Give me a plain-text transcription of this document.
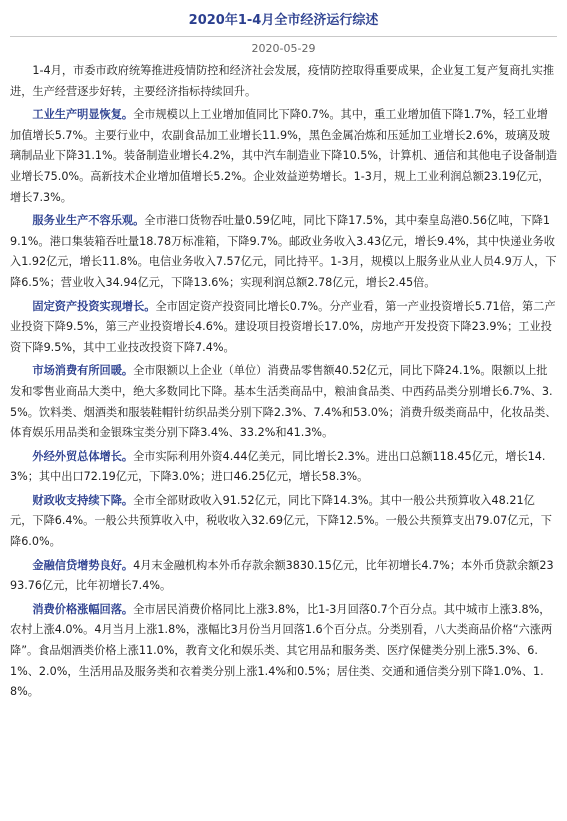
2020年1-4月全市经济运行综述
2020-05-29

1-4月，市委市政府统筹推进疫情防控和经济社会发展，疫情防控取得重要成果，企业复工复产复商扎实推进，生产经营逐步好转，主要经济指标持续回升。

工业生产明显恢复。全市规模以上工业增加值同比下降0.7%。其中，重工业增加值下降1.7%，轻工业增加值增长5.7%。主要行业中，农副食品加工业增长11.9%，黑色金属冶炼和压延加工业增长2.6%，玻璃及玻璃制品业下降31.1%。装备制造业增长4.2%，其中汽车制造业下降10.5%，计算机、通信和其他电子设备制造业增长75.0%。高新技术企业增加值增长5.2%。企业效益逆势增长。1-3月，规上工业利润总额23.19亿元，增长7.3%。

服务业生产不容乐观。全市港口货物吞吐量0.59亿吨，同比下降17.5%，其中秦皇岛港0.56亿吨，下降19.1%。港口集装箱吞吐量18.78万标准箱，下降9.7%。邮政业务收入3.43亿元，增长9.4%，其中快递业务收入1.92亿元，增长11.8%。电信业务收入7.57亿元，同比持平。1-3月，规模以上服务业从业人员4.9万人，下降6.5%；营业收入34.94亿元，下降13.6%；实现利润总额2.78亿元，增长2.45倍。

固定资产投资实现增长。全市固定资产投资同比增长0.7%。分产业看，第一产业投资增长5.71倍，第二产业投资下降9.5%，第三产业投资增长4.6%。建设项目投资增长17.0%，房地产开发投资下降23.9%；工业投资下降9.5%，其中工业技改投资下降7.4%。

市场消费有所回暖。全市限额以上企业（单位）消费品零售额40.52亿元，同比下降24.1%。限额以上批发和零售业商品大类中，绝大多数同比下降。基本生活类商品中，粮油食品类、中西药品类分别增长6.7%、3.5%。饮料类、烟酒类和服装鞋帽针纺织品类分别下降2.3%、7.4%和53.0%；消费升级类商品中，化妆品类、体育娱乐用品类和金银珠宝类分别下降3.4%、33.2%和41.3%。

外经外贸总体增长。全市实际利用外资4.44亿美元，同比增长2.3%。进出口总额118.45亿元，增长14.3%；其中出口72.19亿元，下降3.0%；进口46.25亿元，增长58.3%。

财政收支持续下降。全市全部财政收入91.52亿元，同比下降14.3%。其中一般公共预算收入48.21亿元，下降6.4%。一般公共预算收入中，税收收入32.69亿元，下降12.5%。一般公共预算支出79.07亿元，下降6.0%。

金融信贷增势良好。4月末金融机构本外币存款余额3830.15亿元，比年初增长4.7%；本外币贷款余额2393.76亿元，比年初增长7.4%。

消费价格涨幅回落。全市居民消费价格同比上涨3.8%，比1-3月回落0.7个百分点。其中城市上涨3.8%，农村上涨4.0%。4月当月上涨1.8%，涨幅比3月份当月回落1.6个百分点。分类别看，八大类商品价格“六涨两降”。食品烟酒类价格上涨11.0%，教育文化和娱乐类、其它用品和服务类、医疗保健类分别上涨5.3%、6.1%、2.0%，生活用品及服务类和衣着类分别上涨1.4%和0.5%；居住类、交通和通信类分别下降1.0%、1.8%。
